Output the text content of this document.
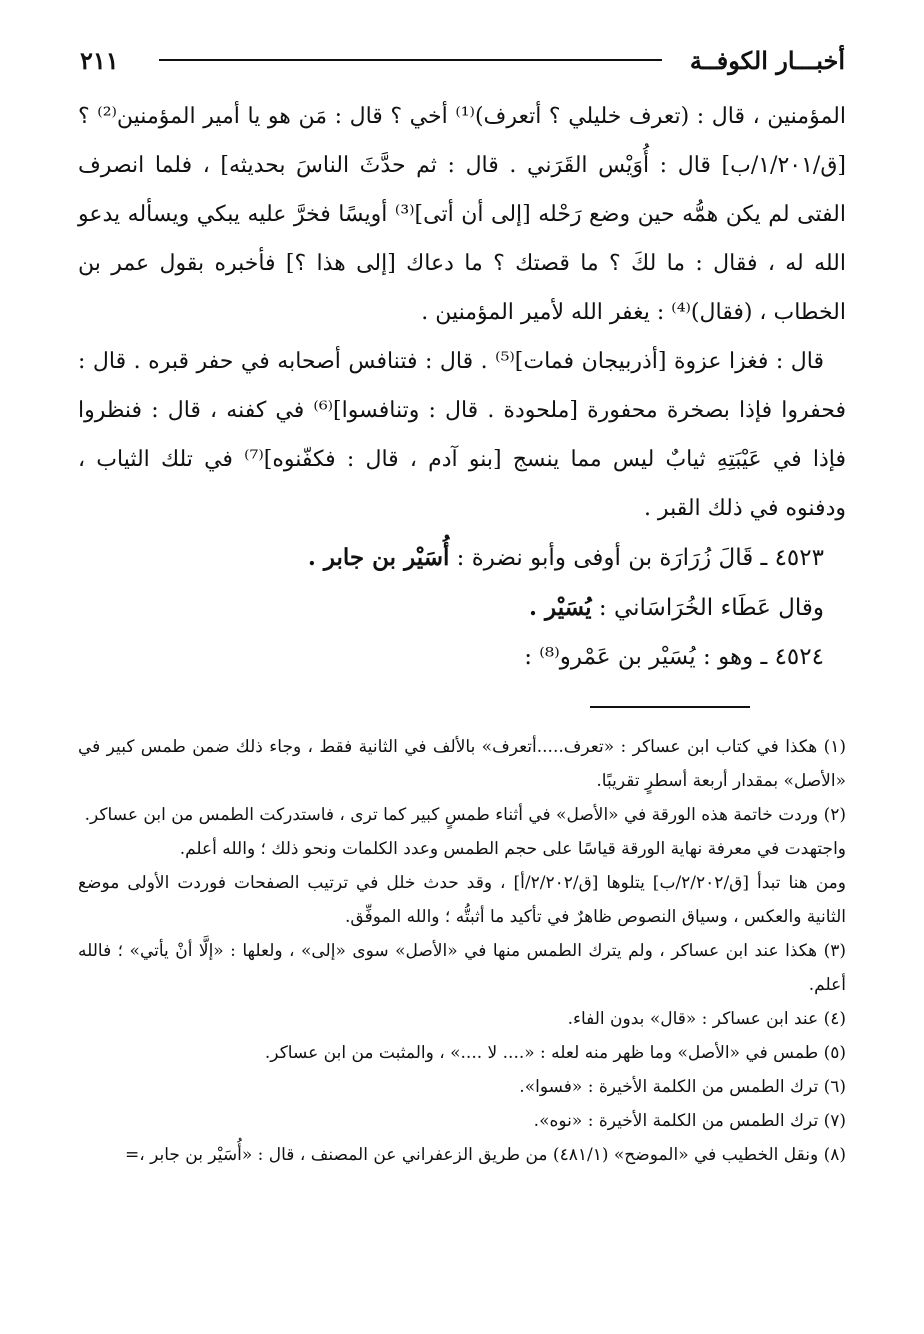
أخبـــار الكوفــة
٢١١

المؤمنين ، قال : (تعرف خليلي ؟ أتعرف)⁽¹⁾ أخي ؟ قال : مَن هو يا أمير المؤمنين⁽²⁾ ؟ [ق/١/٢٠١/ب] قال : أُوَيْس القَرَني . قال : ثم حدَّثَ الناسَ بحديثه] ، فلما انصرف الفتى لم يكن همُّه حين وضع رَحْله [إلى أن أتى]⁽³⁾ أويسًا فخرَّ عليه يبكي ويسأله يدعو الله له ، فقال : ما لكَ ؟ ما قصتك ؟ ما دعاك [إلى هذا ؟] فأخبره بقول عمر بن الخطاب ، (فقال)⁽⁴⁾ : يغفر الله لأمير المؤمنين .

قال : فغزا عزوة [أذربيجان فمات]⁽⁵⁾ . قال : فتنافس أصحابه في حفر قبره . قال : فحفروا فإذا بصخرة محفورة [ملحودة . قال : وتنافسوا]⁽⁶⁾ في كفنه ، قال : فنظروا فإذا في عَيْبَتِهِ ثيابٌ ليس مما ينسج [بنو آدم ، قال : فكفّنوه]⁽⁷⁾ في تلك الثياب ، ودفنوه في ذلك القبر .

٤٥٢٣ ـ قَالَ زُرَارَة بن أوفى وأبو نضرة : أُسَيْر بن جابر .

وقال عَطَاء الخُرَاسَاني : يُسَيْر .

٤٥٢٤ ـ وهو : يُسَيْر بن عَمْرو⁽⁸⁾ :

(١) هكذا في كتاب ابن عساكر : «تعرف.....أتعرف» بالألف في الثانية فقط ، وجاء ذلك ضمن طمس كبير في «الأصل» بمقدار أربعة أسطرٍ تقريبًا.

(٢) وردت خاتمة هذه الورقة في «الأصل» في أثناء طمسٍ كبير كما ترى ، فاستدركت الطمس من ابن عساكر.

واجتهدت في معرفة نهاية الورقة قياسًا على حجم الطمس وعدد الكلمات ونحو ذلك ؛ والله أعلم.

ومن هنا تبدأ [ق/٢/٢٠٢/ب] يتلوها [ق/٢/٢٠٢/أ] ، وقد حدث خلل في ترتيب الصفحات فوردت الأولى موضع الثانية والعكس ، وسياق النصوص ظاهرٌ في تأكيد ما أثبتُّه ؛ والله الموفِّق.

(٣) هكذا عند ابن عساكر ، ولم يترك الطمس منها في «الأصل» سوى «إلى» ، ولعلها : «إلَّا أنْ يأتي» ؛ فالله أعلم.

(٤) عند ابن عساكر : «قال» بدون الفاء.

(٥) طمس في «الأصل» وما ظهر منه لعله : «.... لا ....» ، والمثبت من ابن عساكر.

(٦) ترك الطمس من الكلمة الأخيرة : «فسوا».

(٧) ترك الطمس من الكلمة الأخيرة : «نوه».

(٨) ونقل الخطيب في «الموضح» (٤٨١/١) من طريق الزعفراني عن المصنف ، قال : «أُسَيْر بن جابر ،=
